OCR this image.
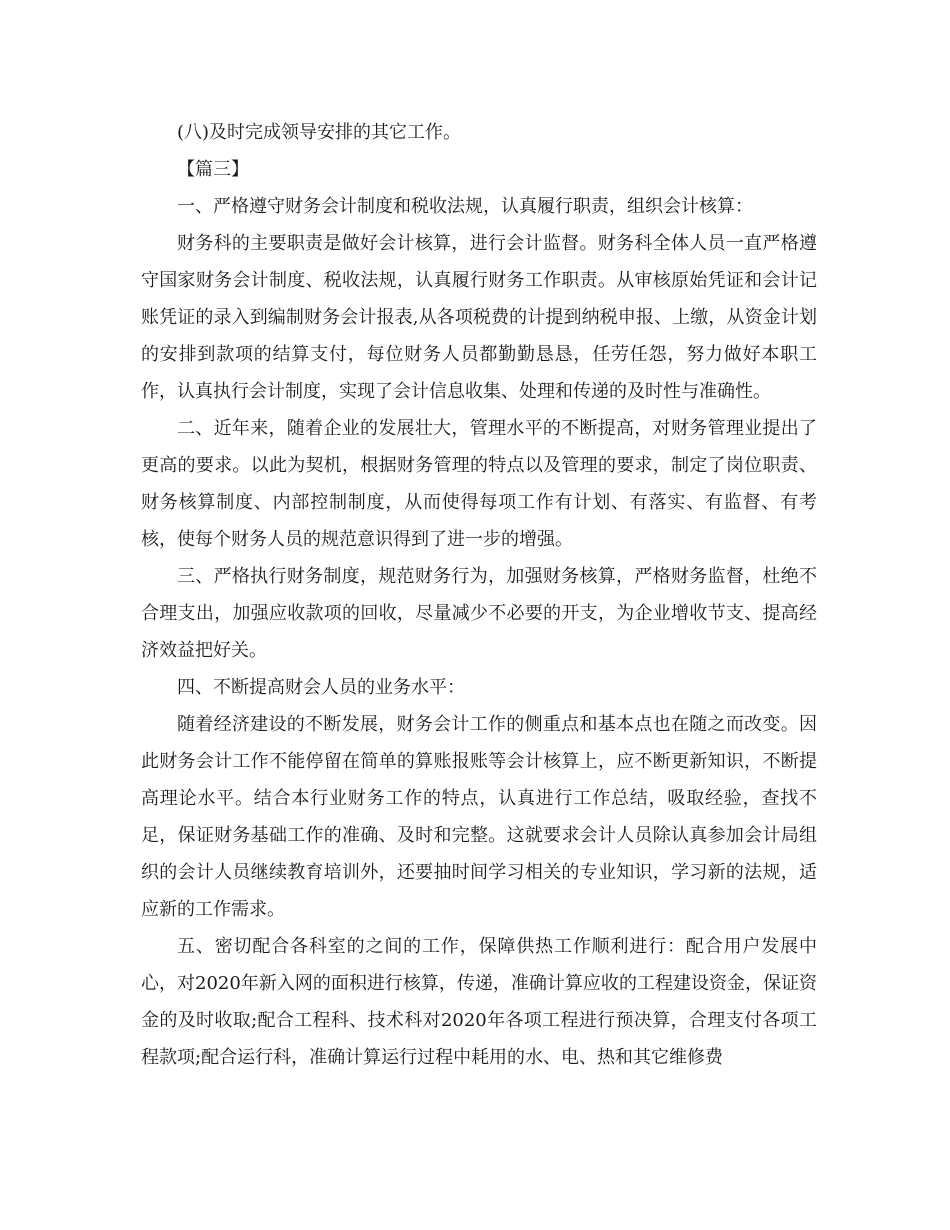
(八)及时完成领导安排的其它工作。

【篇三】

一、严格遵守财务会计制度和税收法规，认真履行职责，组织会计核算：

财务科的主要职责是做好会计核算，进行会计监督。财务科全体人员一直严格遵守国家财务会计制度、税收法规，认真履行财务工作职责。从审核原始凭证和会计记账凭证的录入到编制财务会计报表,从各项税费的计提到纳税申报、上缴，从资金计划的安排到款项的结算支付，每位财务人员都勤勤恳恳，任劳任怨，努力做好本职工作，认真执行会计制度，实现了会计信息收集、处理和传递的及时性与准确性。

二、近年来，随着企业的发展壮大，管理水平的不断提高，对财务管理业提出了更高的要求。以此为契机，根据财务管理的特点以及管理的要求，制定了岗位职责、财务核算制度、内部控制制度，从而使得每项工作有计划、有落实、有监督、有考核，使每个财务人员的规范意识得到了进一步的增强。

三、严格执行财务制度，规范财务行为，加强财务核算，严格财务监督，杜绝不合理支出，加强应收款项的回收，尽量减少不必要的开支，为企业增收节支、提高经济效益把好关。

四、不断提高财会人员的业务水平：

随着经济建设的不断发展，财务会计工作的侧重点和基本点也在随之而改变。因此财务会计工作不能停留在简单的算账报账等会计核算上，应不断更新知识，不断提高理论水平。结合本行业财务工作的特点，认真进行工作总结，吸取经验，查找不足，保证财务基础工作的准确、及时和完整。这就要求会计人员除认真参加会计局组织的会计人员继续教育培训外，还要抽时间学习相关的专业知识，学习新的法规，适应新的工作需求。

五、密切配合各科室的之间的工作，保障供热工作顺利进行：配合用户发展中心，对2020年新入网的面积进行核算，传递，准确计算应收的工程建设资金，保证资金的及时收取;配合工程科、技术科对2020年各项工程进行预决算，合理支付各项工程款项;配合运行科，准确计算运行过程中耗用的水、电、热和其它维修费
